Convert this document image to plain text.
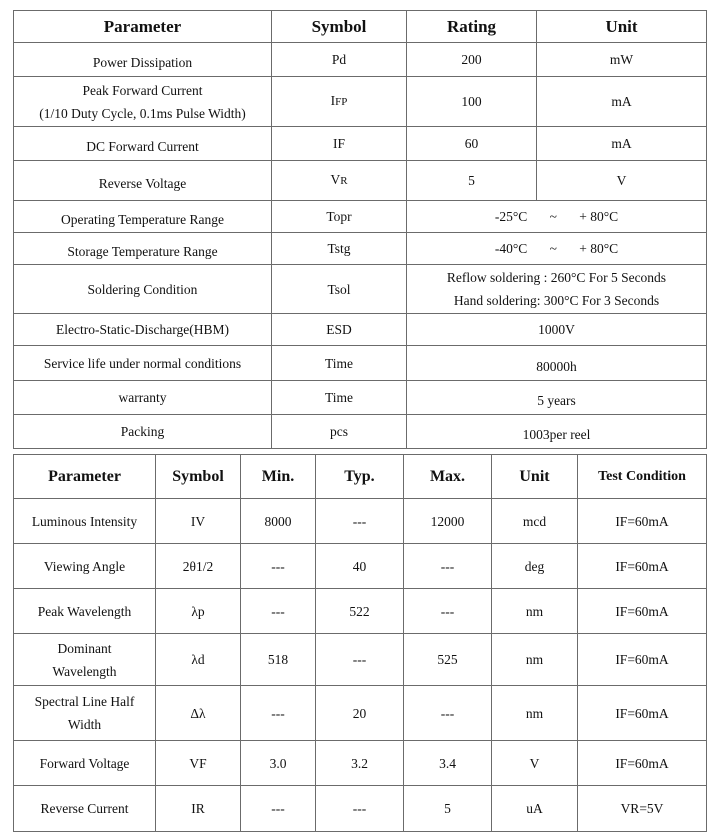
Parameter	Symbol	Rating	Unit
Power Dissipation	Pd	200	mW

Peak Forward Current
(1/10 Duty Cycle, 0.1ms Pulse Width)	IFP	100	mA
DC Forward Current	IF	60	mA
Reverse Voltage	VR	5	V
Operating Temperature Range	Topr	-25°C ~ + 80°C	
Storage Temperature Range	Tstg	-40°C ~ + 80°C	
Soldering Condition	Tsol	Reflow soldering : 260°C For 5 Seconds
Hand soldering: 300°C For 3 Seconds	

Electro-Static-Discharge(HBM)	ESD	1000V	
Service life under normal conditions	Time	80000h	
warranty	Time	5 years	
Packing	pcs	1003per reel	
Parameter	Symbol	Min.	Typ.	Max.	Unit	Test Condition
Luminous Intensity	IV	8000	---	12000	mcd	IF=60mA
Viewing Angle	2θ1/2	---	40	---	deg	IF=60mA
Peak Wavelength	λp	---	522	---	nm	IF=60mA

Dominant
Wavelength	λd	518	---	525	nm	IF=60mA

Spectral Line Half
Width	Δλ	---	20	---	nm	IF=60mA
Forward Voltage	VF	3.0	3.2	3.4	V	IF=60mA
Reverse Current	IR	---	---	5	uA	VR=5V
